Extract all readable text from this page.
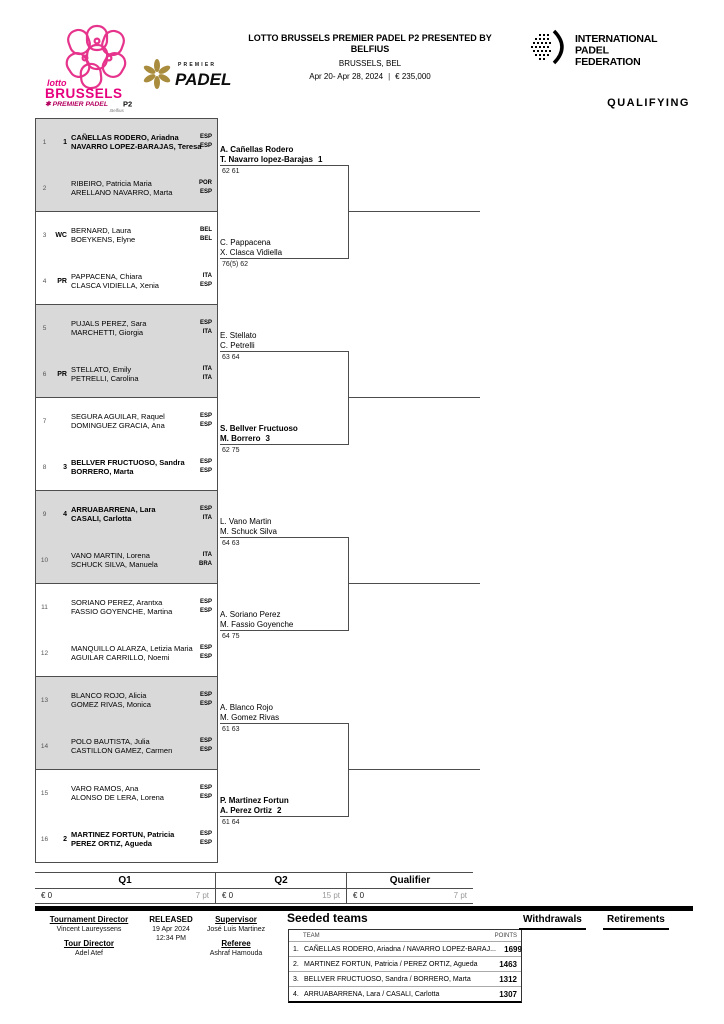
lotto
BRUSSELS
✱ PREMIER PADEL P2
.Belfius
PREMIER
PADEL
LOTTO BRUSSELS PREMIER PADEL P2 PRESENTED BY
BELFIUS
BRUSSELS, BEL
Apr 20- Apr 28, 2024 | € 235,000
INTERNATIONAL
PADEL
FEDERATION
QUALIFYING
1	1
CAÑELLAS RODERO, Ariadna
NAVARRO LOPEZ-BARAJAS, Teresa
ESP
ESP
2
RIBEIRO, Patricia Maria
ARELLANO NAVARRO, Marta
POR
ESP
3	WC
BERNARD, Laura
BOEYKENS, Elyne
BEL
BEL
4	PR
PAPPACENA, Chiara
CLASCA VIDIELLA, Xenia
ITA
ESP
5
PUJALS PEREZ, Sara
MARCHETTI, Giorgia
ESP
ITA
6	PR
STELLATO, Emily
PETRELLI, Carolina
ITA
ITA
7
SEGURA AGUILAR, Raquel
DOMINGUEZ GRACIA, Ana
ESP
ESP
8	3
BELLVER FRUCTUOSO, Sandra
BORRERO, Marta
ESP
ESP
9	4
ARRUABARRENA, Lara
CASALI, Carlotta
ESP
ITA
10
VANO MARTIN, Lorena
SCHUCK SILVA, Manuela
ITA
BRA
11
SORIANO PEREZ, Arantxa
FASSIO GOYENCHE, Martina
ESP
ESP
12
MANQUILLO ALARZA, Letizia Maria
AGUILAR CARRILLO, Noemi
ESP
ESP
13
BLANCO ROJO, Alicia
GOMEZ RIVAS, Monica
ESP
ESP
14
POLO BAUTISTA, Julia
CASTILLON GAMEZ, Carmen
ESP
ESP
15
VARO RAMOS, Ana
ALONSO DE LERA, Lorena
ESP
ESP
16	2
MARTINEZ FORTUN, Patricia
PEREZ ORTIZ, Agueda
ESP
ESP
A. Cañellas Rodero
T. Navarro lopez-Barajas 1
62 61
C. Pappacena
X. Clasca Vidiella
76(5) 62
E. Stellato
C. Petrelli
63 64
S. Bellver Fructuoso
M. Borrero 3
62 75
L. Vano Martin
M. Schuck Silva
64 63
A. Soriano Perez
M. Fassio Goyenche
64 75
A. Blanco Rojo
M. Gomez Rivas
61 63
P. Martinez Fortun
A. Perez Ortiz 2
61 64
Q1	Q2	Qualifier
€ 0	7 pt € 0	15 pt € 0	7 pt
Tournament Director
Vincent Laureyssens
Tour Director
Adel Atef
RELEASED
19 Apr 2024
12:34 PM
Supervisor
José Luis Martinez
Referee
Ashraf Hamouda
Seeded teams
TEAM	POINTS
1. CAÑELLAS RODERO, Ariadna / NAVARRO LOPEZ-BARAJ...	1699
2. MARTINEZ FORTUN, Patricia / PEREZ ORTIZ, Agueda	1463
3. BELLVER FRUCTUOSO, Sandra / BORRERO, Marta	1312
4. ARRUABARRENA, Lara / CASALI, Carlotta	1307
Withdrawals	Retirements
